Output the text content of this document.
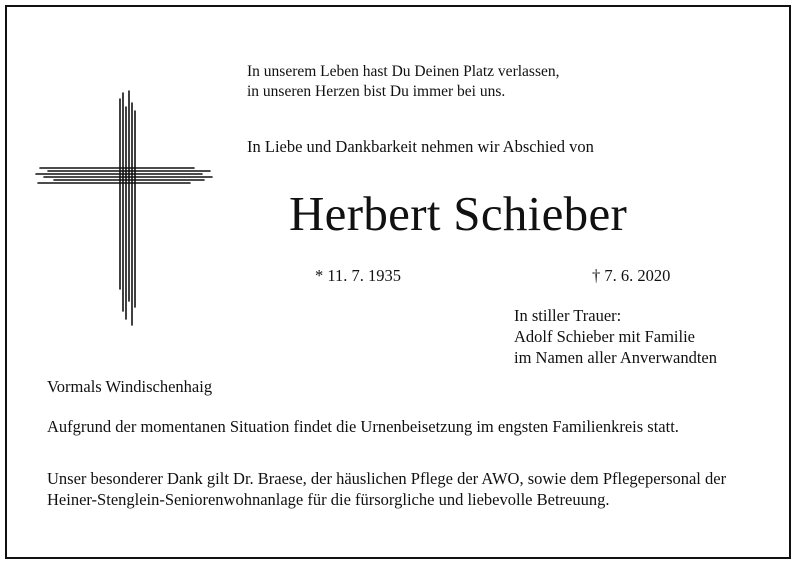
In unserem Leben hast Du Deinen Platz verlassen,
in unseren Herzen bist Du immer bei uns.

In Liebe und Dankbarkeit nehmen wir Abschied von

Herbert Schieber

* 11. 7. 1935	† 7. 6. 2020

In stiller Trauer:
Adolf Schieber mit Familie
im Namen aller Anverwandten

Vormals Windischenhaig

Aufgrund der momentanen Situation findet die Urnenbeisetzung im engsten Familienkreis statt.

Unser besonderer Dank gilt Dr. Braese, der häuslichen Pflege der AWO, sowie dem Pflegepersonal der Heiner-Stenglein-Seniorenwohnanlage für die fürsorgliche und liebevolle Betreuung.
